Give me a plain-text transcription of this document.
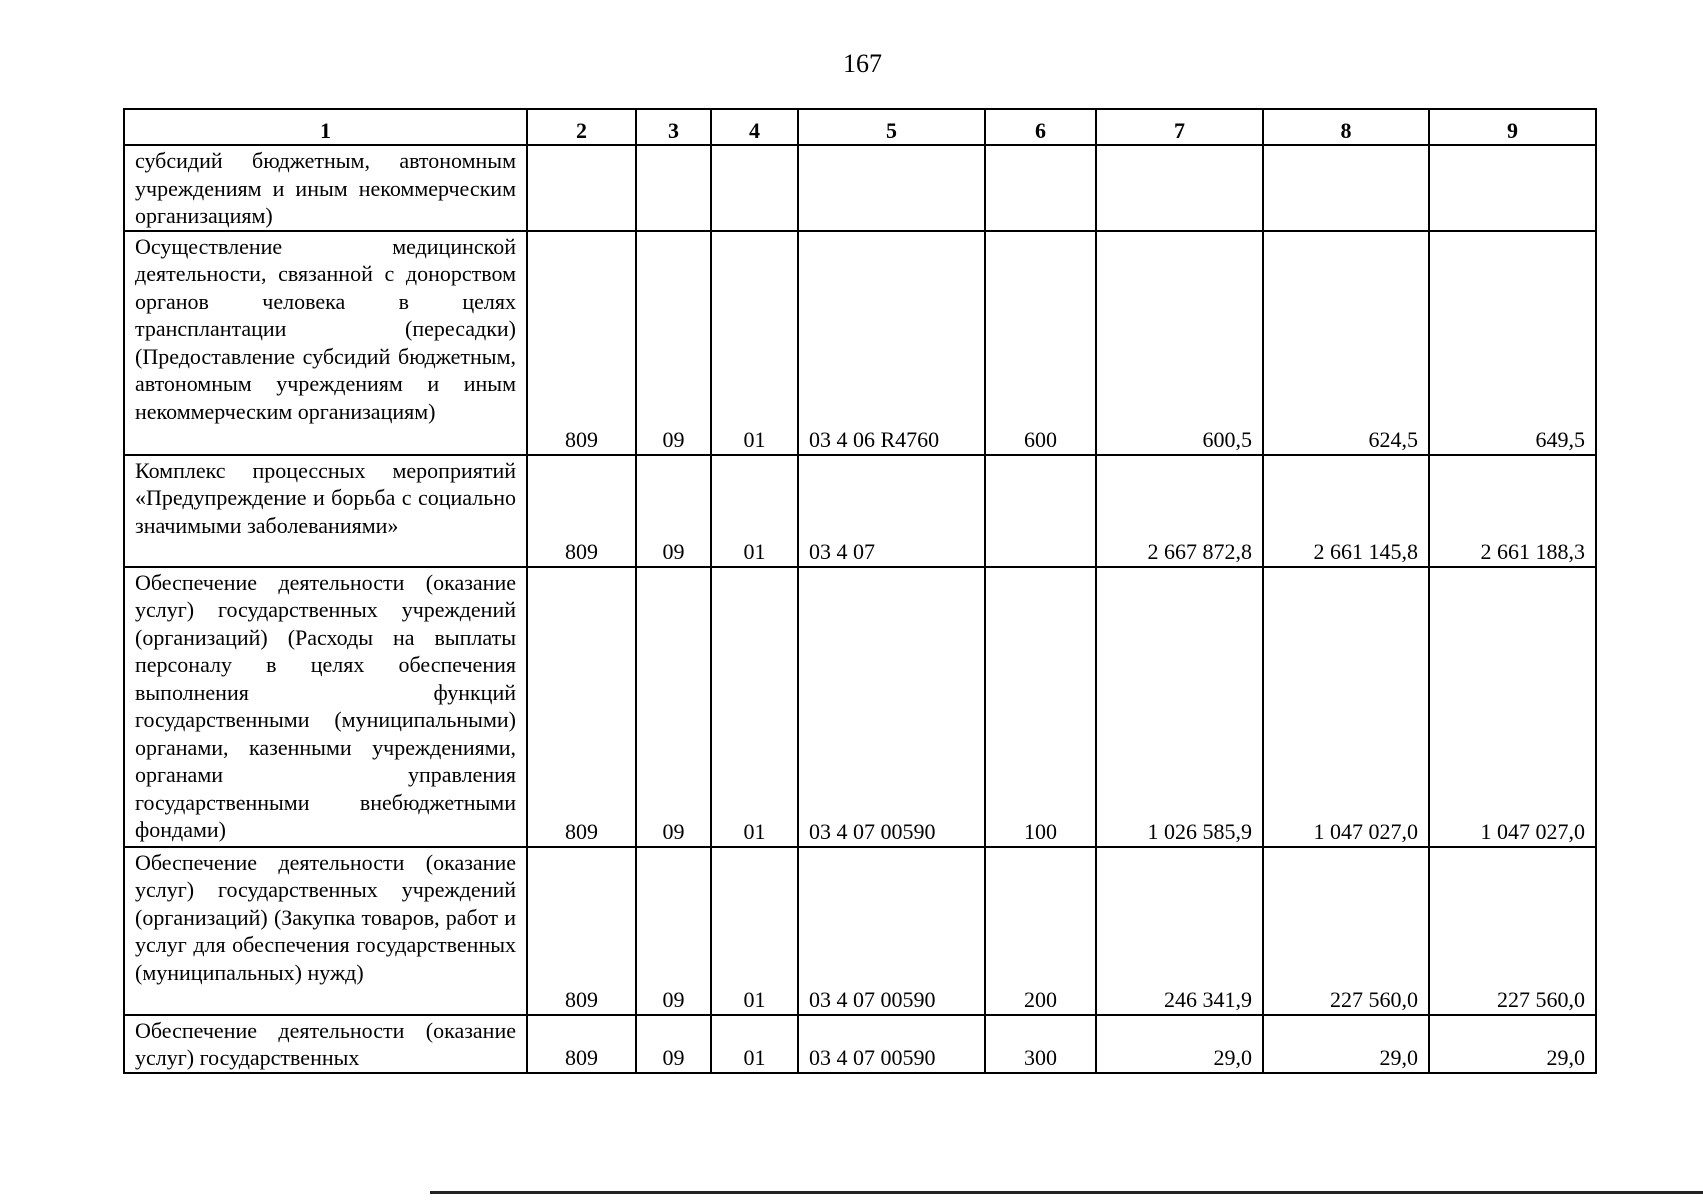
167
1	2	3	4	5	6	7	8	9
субсидий бюджетным, автономным учреждениям и иным некоммерческим организациям)								
Осуществление медицинской деятельности, связанной с донорством органов человека в целях трансплантации (пересадки) (Предоставление субсидий бюджетным, автономным учреждениям и иным некоммерческим организациям)	809	09	01	03 4 06 R4760	600	600,5	624,5	649,5
Комплекс процессных мероприятий «Предупреждение и борьба с социально значимыми заболеваниями»	809	09	01	03 4 07		2 667 872,8	2 661 145,8	2 661 188,3
Обеспечение деятельности (оказание услуг) государственных учреждений (организаций) (Расходы на выплаты персоналу в целях обеспечения выполнения функций государственными (муниципальными) органами, казенными учреждениями, органами управления государственными внебюджетными фондами)	809	09	01	03 4 07 00590	100	1 026 585,9	1 047 027,0	1 047 027,0
Обеспечение деятельности (оказание услуг) государственных учреждений (организаций) (Закупка товаров, работ и услуг для обеспечения государственных (муниципальных) нужд)	809	09	01	03 4 07 00590	200	246 341,9	227 560,0	227 560,0
Обеспечение деятельности (оказание услуг) государственных	809	09	01	03 4 07 00590	300	29,0	29,0	29,0
